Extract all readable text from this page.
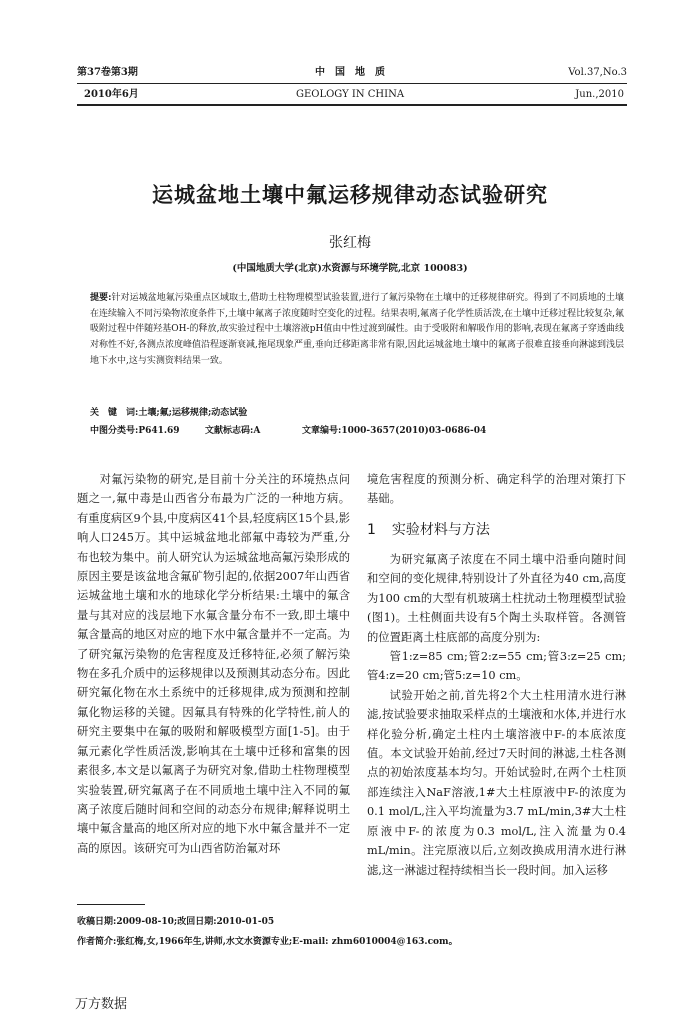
第37卷第3期
2010年6月
中　国　地　质
GEOLOGY IN CHINA
Vol.37,No.3
Jun.,2010
运城盆地土壤中氟运移规律动态试验研究
张红梅
(中国地质大学(北京)水资源与环境学院,北京 100083)
提要:针对运城盆地氟污染重点区域取土,借助土柱物理模型试验装置,进行了氟污染物在土壤中的迁移规律研究。得到了不同质地的土壤在连续输入不同污染物浓度条件下,土壤中氟离子浓度随时空变化的过程。结果表明,氟离子化学性质活泼,在土壤中迁移过程比较复杂,氟吸附过程中伴随羟基OH-的释放,故实验过程中土壤溶液pH值由中性过渡到碱性。由于受吸附和解吸作用的影响,表现在氟离子穿透曲线对称性不好,各测点浓度峰值沿程逐渐衰减,拖尾现象严重,垂向迁移距离非常有限,因此运城盆地土壤中的氟离子很难直接垂向淋滤到浅层地下水中,这与实测资料结果一致。
关　键　词:土壤;氟;运移规律;动态试验
中图分类号:P641.69	文献标志码:A	文章编号:1000-3657(2010)03-0686-04

对氟污染物的研究,是目前十分关注的环境热点问题之一,氟中毒是山西省分布最为广泛的一种地方病。有重度病区9个县,中度病区41个县,轻度病区15个县,影响人口245万。其中运城盆地北部氟中毒较为严重,分布也较为集中。前人研究认为运城盆地高氟污染形成的原因主要是该盆地含氟矿物引起的,依据2007年山西省运城盆地土壤和水的地球化学分析结果:土壤中的氟含量与其对应的浅层地下水氟含量分布不一致,即土壤中氟含量高的地区对应的地下水中氟含量并不一定高。为了研究氟污染物的危害程度及迁移特征,必须了解污染物在多孔介质中的运移规律以及预测其动态分布。因此研究氟化物在水土系统中的迁移规律,成为预测和控制氟化物运移的关键。因氟具有特殊的化学特性,前人的研究主要集中在氟的吸附和解吸模型方面[1-5]。由于氟元素化学性质活泼,影响其在土壤中迁移和富集的因素很多,本文是以氟离子为研究对象,借助土柱物理模型实验装置,研究氟离子在不同质地土壤中注入不同的氟离子浓度后随时间和空间的动态分布规律;解释说明土壤中氟含量高的地区所对应的地下水中氟含量并不一定高的原因。该研究可为山西省防治氟对环

境危害程度的预测分析、确定科学的治理对策打下基础。

1 实验材料与方法

为研究氟离子浓度在不同土壤中沿垂向随时间和空间的变化规律,特别设计了外直径为40 cm,高度为100 cm的大型有机玻璃土柱扰动土物理模型试验(图1)。土柱侧面共设有5个陶土头取样管。各测管的位置距离土柱底部的高度分别为:

管1:z=85 cm;管2:z=55 cm;管3:z=25 cm;管4:z=20 cm;管5:z=10 cm。

试验开始之前,首先将2个大土柱用清水进行淋滤,按试验要求抽取采样点的土壤液和水体,并进行水样化验分析,确定土柱内土壤溶液中F-的本底浓度值。本文试验开始前,经过7天时间的淋滤,土柱各测点的初始浓度基本均匀。开始试验时,在两个土柱顶部连续注入NaF溶液,1#大土柱原液中F-的浓度为0.1 mol/L,注入平均流量为3.7 mL/min,3#大土柱原液中F-的浓度为0.3 mol/L,注入流量为0.4 mL/min。注完原液以后,立刻改换成用清水进行淋滤,这一淋滤过程持续相当长一段时间。加入运移

收稿日期:2009-08-10;改回日期:2010-01-05
作者简介:张红梅,女,1966年生,讲师,水文水资源专业;E-mail: zhm6010004@163.com。
万方数据
